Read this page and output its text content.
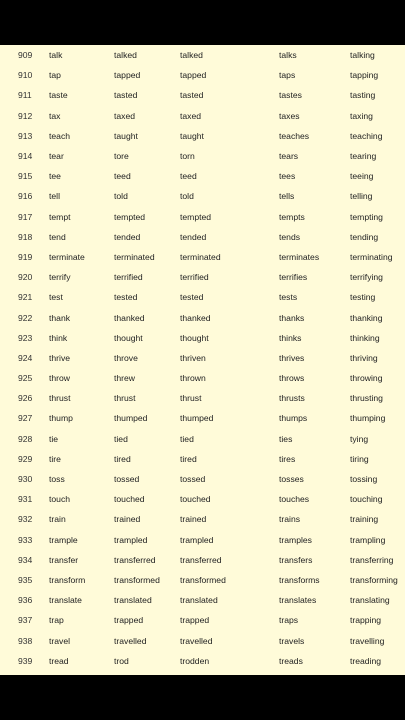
909	talk	talked	talked	talks	talking
910	tap	tapped	tapped	taps	tapping
911	taste	tasted	tasted	tastes	tasting
912	tax	taxed	taxed	taxes	taxing
913	teach	taught	taught	teaches	teaching
914	tear	tore	torn	tears	tearing
915	tee	teed	teed	tees	teeing
916	tell	told	told	tells	telling
917	tempt	tempted	tempted	tempts	tempting
918	tend	tended	tended	tends	tending
919	terminate	terminated	terminated	terminates	terminating
920	terrify	terrified	terrified	terrifies	terrifying
921	test	tested	tested	tests	testing
922	thank	thanked	thanked	thanks	thanking
923	think	thought	thought	thinks	thinking
924	thrive	throve	thriven	thrives	thriving
925	throw	threw	thrown	throws	throwing
926	thrust	thrust	thrust	thrusts	thrusting
927	thump	thumped	thumped	thumps	thumping
928	tie	tied	tied	ties	tying
929	tire	tired	tired	tires	tiring
930	toss	tossed	tossed	tosses	tossing
931	touch	touched	touched	touches	touching
932	train	trained	trained	trains	training
933	trample	trampled	trampled	tramples	trampling
934	transfer	transferred	transferred	transfers	transferring
935	transform	transformed	transformed	transforms	transforming
936	translate	translated	translated	translates	translating
937	trap	trapped	trapped	traps	trapping
938	travel	travelled	travelled	travels	travelling
939	tread	trod	trodden	treads	treading
